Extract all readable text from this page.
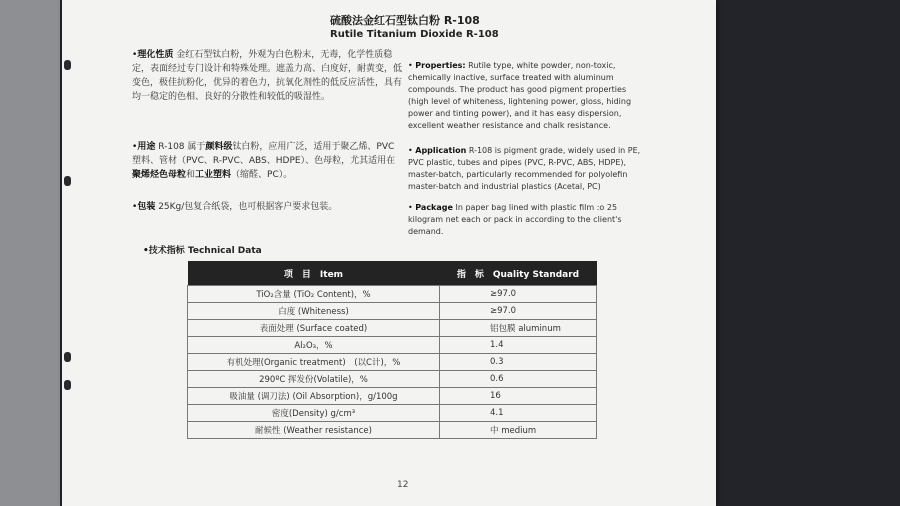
硫酸法金红石型钛白粉 R-108
Rutile Titanium Dioxide R-108
•理化性质 金红石型钛白粉，外观为白色粉末，无毒，化学性质稳定，表面经过专门设计和特殊处理。遮盖力高、白度好，耐黄变，低变色，极佳抗粉化，优异的着色力，抗氧化剂性的低反应活性，具有均一稳定的色相、良好的分散性和较低的吸湿性。
•用途 R-108 属于颜料级钛白粉，应用广泛，适用于聚乙烯、PVC 塑料、管材（PVC、R-PVC、ABS、HDPE）、色母粒，尤其适用在聚烯烃色母粒和工业塑料（缩醛、PC）。
•包装 25Kg/包复合纸袋，也可根据客户要求包装。
• Properties: Rutile type, white powder, non-toxic, chemically inactive, surface treated with aluminum compounds. The product has good pigment properties (high level of whiteness, lightening power, gloss, hiding power and tinting power), and it has easy dispersion, excellent weather resistance and chalk resistance.
• Application R-108 is pigment grade, widely used in PE, PVC plastic, tubes and pipes (PVC, R-PVC, ABS, HDPE), master-batch, particularly recommended for polyolefin master-batch and industrial plastics (Acetal, PC)
• Package In paper bag lined with plastic film :o 25 kilogram net each or pack in according to the client's demand.
•技术指标 Technical Data
项　目　Item	指　标　Quality Standard
TiO₂含量 (TiO₂ Content)，%	≥97.0
白度 (Whiteness)	≥97.0
表面处理 (Surface coated)	铝包膜 aluminum
Al₂O₃，%	1.4
有机处理(Organic treatment)　(以C计)，%	0.3
290ºC 挥发份(Volatile)，%	0.6
吸油量 (调刀法) (Oil Absorption)，g/100g	16
密度(Density) g/cm³	4.1
耐候性 (Weather resistance)	中 medium
12
